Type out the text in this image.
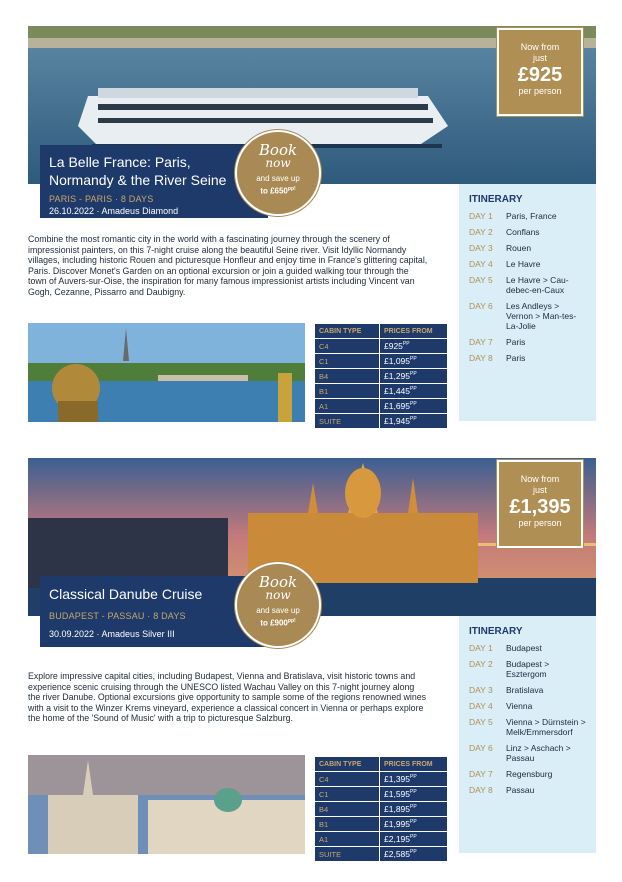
Now from
just
£925
per person
La Belle France: Paris,
Normandy & the River Seine
PARIS - PARIS · 8 DAYS
26.10.2022 · Amadeus Diamond
Book
now
and save up
to $£650^{pp!}$
ITINERARY
DAY 1	Paris, France
DAY 2	Conflans
DAY 3	Rouen
DAY 4	Le Havre
DAY 5	Le Havre > Cau-debec-en-Caux
DAY 6	Les Andleys > Vernon > Man-tes-La-Jolie
DAY 7	Paris
DAY 8	Paris
Combine the most romantic city in the world with a fascinating journey through the scenery of impressionist painters, on this 7-night cruise along the beautiful Seine river. Visit Idyllic Normandy villages, including historic Rouen and picturesque Honfleur and enjoy time in France's glittering capital, Paris. Discover Monet's Garden on an optional excursion or join a guided walking tour through the town of Auvers-sur-Oise, the inspiration for many famous impressionist artists including Vincent van Gogh, Cezanne, Pissarro and Daubigny.
CABIN TYPE	PRICES FROM
C4	$£925^{PP}$
C1	$£1,095^{PP}$
B4	$£1,295^{PP}$
B1	$£1,445^{PP}$
A1	$£1,695^{PP}$
SUITE	$£1,945^{PP}$
Now from
just
£1,395
per person
Classical Danube Cruise
BUDAPEST - PASSAU · 8 DAYS
30.09.2022 · Amadeus Silver III
Book
now
and save up
to $£900^{pp!}$
ITINERARY
DAY 1	Budapest
DAY 2	Budapest > Esztergom
DAY 3	Bratislava
DAY 4	Vienna
DAY 5	Vienna > Dürnstein > Melk/Emmersdorf
DAY 6	Linz > Aschach > Passau
DAY 7	Regensburg
DAY 8	Passau
Explore impressive capital cities, including Budapest, Vienna and Bratislava, visit historic towns and experience scenic cruising through the UNESCO listed Wachau Valley on this 7-night journey along the river Danube. Optional excursions give opportunity to sample some of the regions renowned wines with a visit to the Winzer Krems vineyard, experience a classical concert in Vienna or perhaps explore the home of the 'Sound of Music' with a trip to picturesque Salzburg.
CABIN TYPE	PRICES FROM
C4	$£1,395^{PP}$
C1	$£1,595^{PP}$
B4	$£1,895^{PP}$
B1	$£1,995^{PP}$
A1	$£2,195^{PP}$
SUITE	$£2,585^{PP}$
